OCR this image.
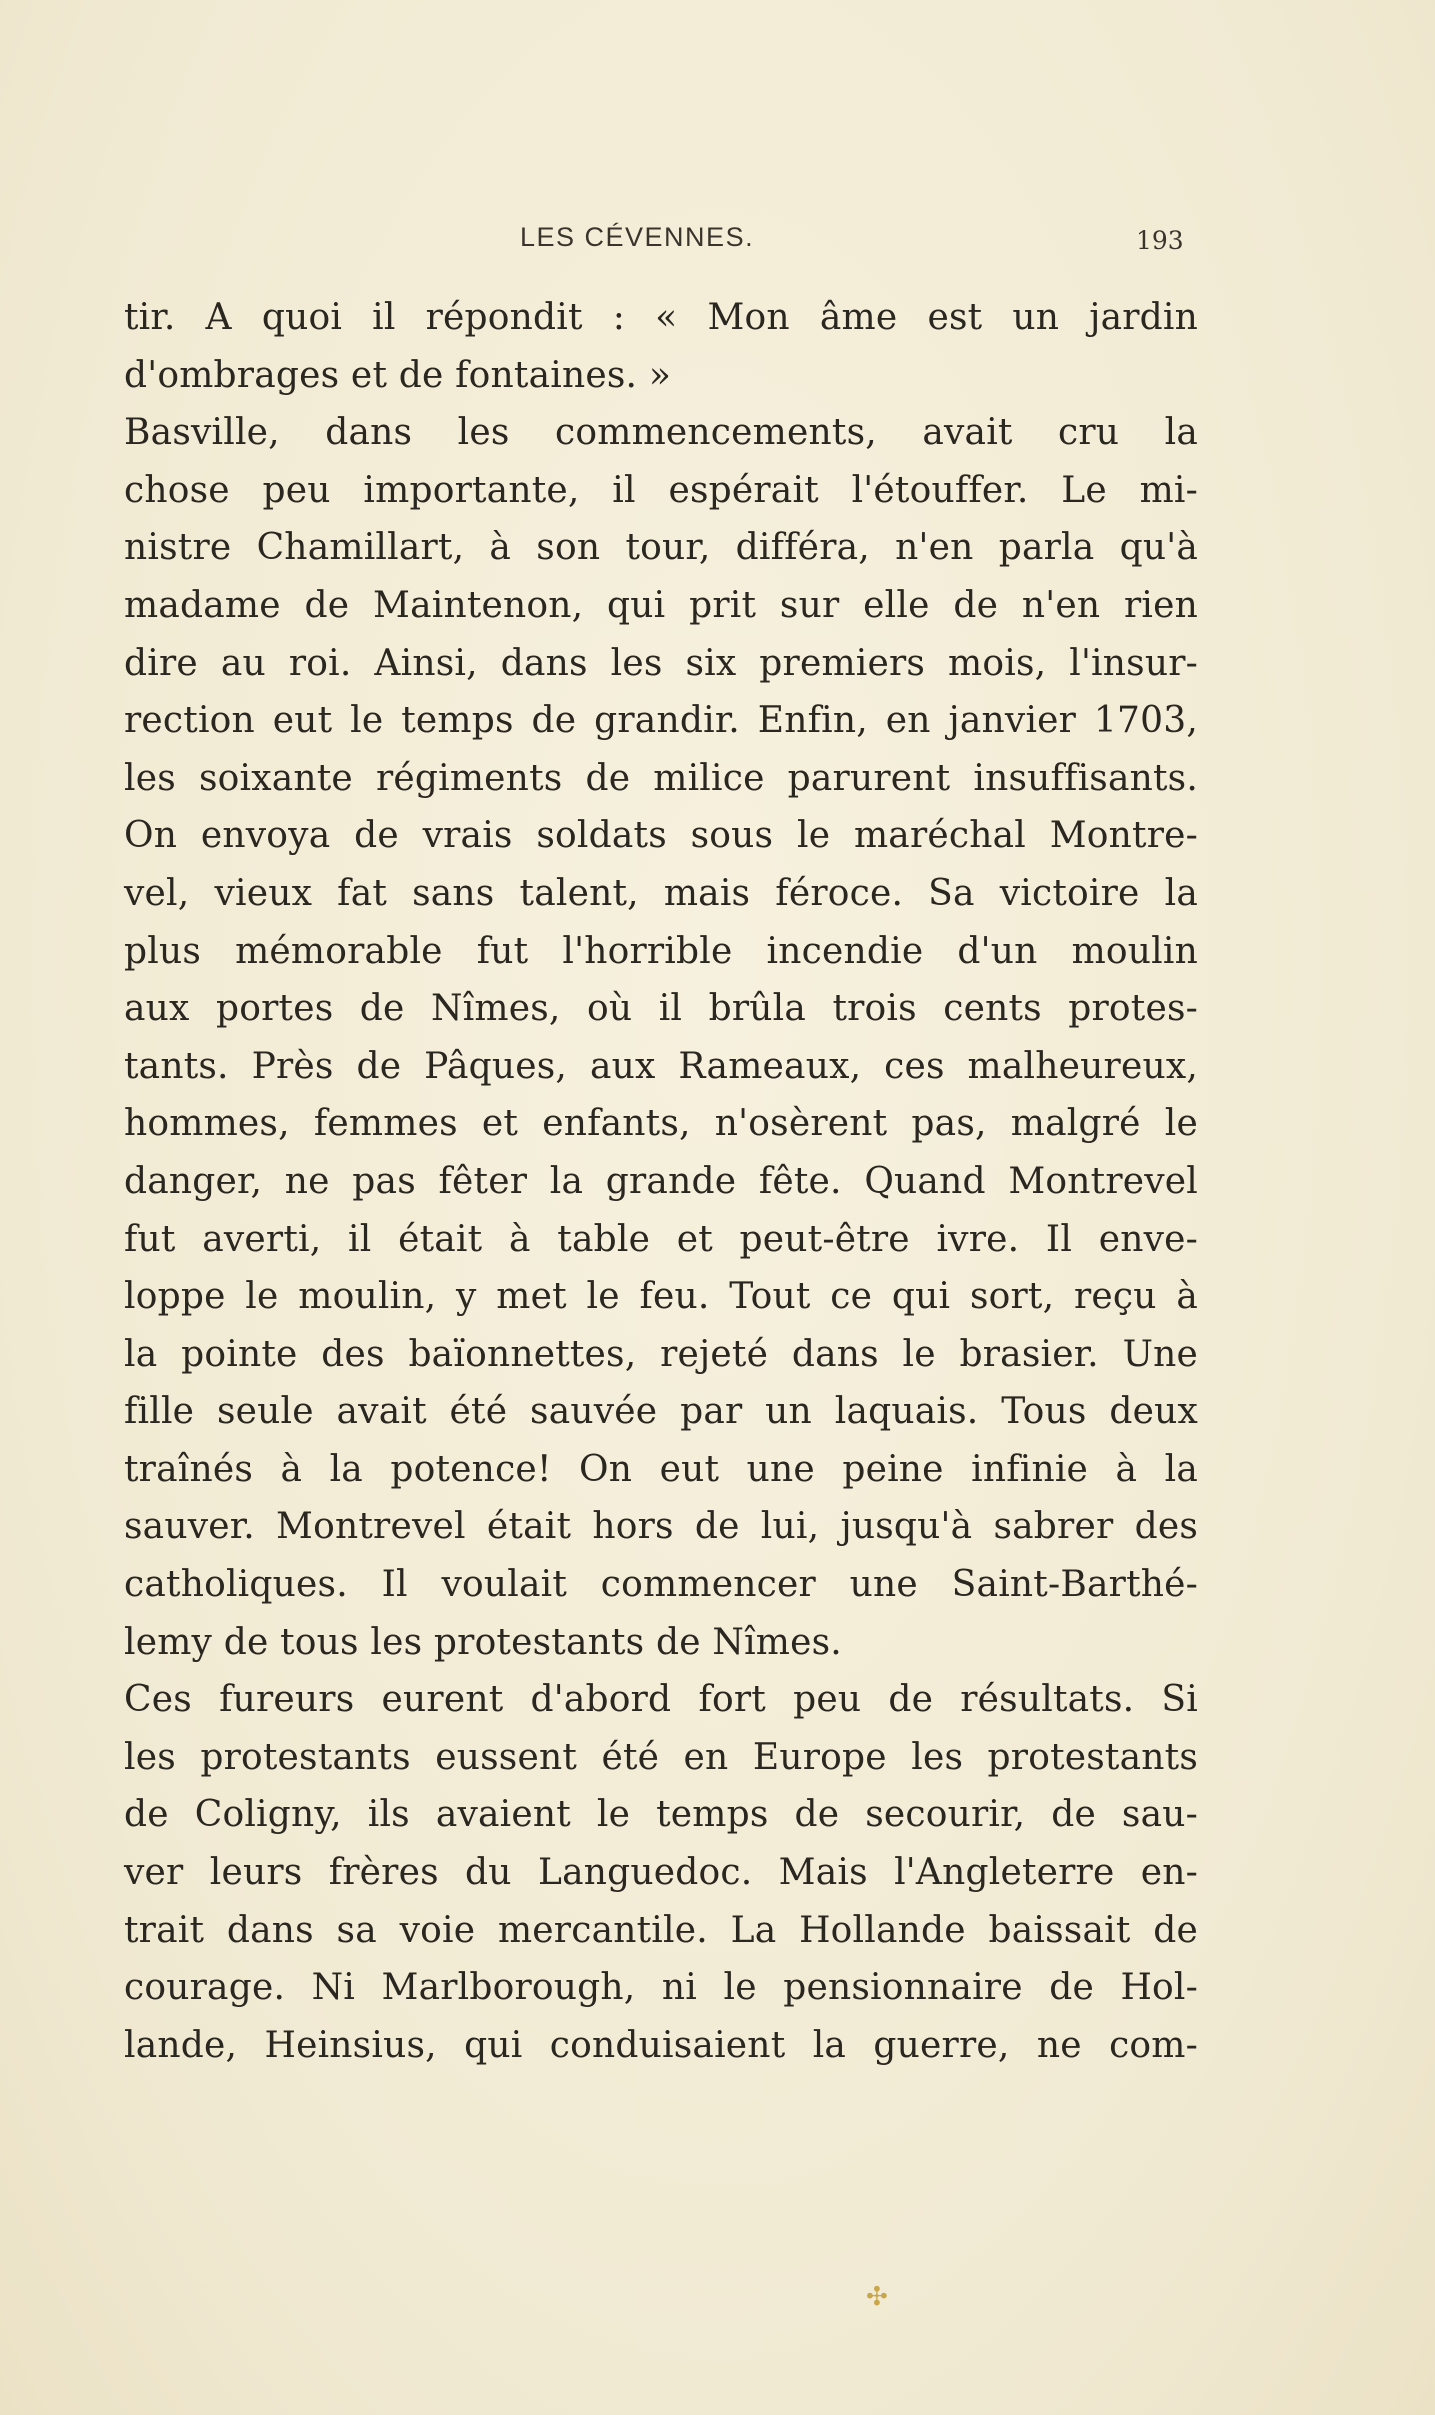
LES CÉVENNES.	193
tir. A quoi il répondit : « Mon âme est un jardin
d'ombrages et de fontaines. »
Basville, dans les commencements, avait cru la
chose peu importante, il espérait l'étouffer. Le mi-
nistre Chamillart, à son tour, différa, n'en parla qu'à
madame de Maintenon, qui prit sur elle de n'en rien
dire au roi. Ainsi, dans les six premiers mois, l'insur-
rection eut le temps de grandir. Enfin, en janvier 1703,
les soixante régiments de milice parurent insuffisants.
On envoya de vrais soldats sous le maréchal Montre-
vel, vieux fat sans talent, mais féroce. Sa victoire la
plus mémorable fut l'horrible incendie d'un moulin
aux portes de Nîmes, où il brûla trois cents protes-
tants. Près de Pâques, aux Rameaux, ces malheureux,
hommes, femmes et enfants, n'osèrent pas, malgré le
danger, ne pas fêter la grande fête. Quand Montrevel
fut averti, il était à table et peut-être ivre. Il enve-
loppe le moulin, y met le feu. Tout ce qui sort, reçu à
la pointe des baïonnettes, rejeté dans le brasier. Une
fille seule avait été sauvée par un laquais. Tous deux
traînés à la potence! On eut une peine infinie à la
sauver. Montrevel était hors de lui, jusqu'à sabrer des
catholiques. Il voulait commencer une Saint-Barthé-
lemy de tous les protestants de Nîmes.
Ces fureurs eurent d'abord fort peu de résultats. Si
les protestants eussent été en Europe les protestants
de Coligny, ils avaient le temps de secourir, de sau-
ver leurs frères du Languedoc. Mais l'Angleterre en-
trait dans sa voie mercantile. La Hollande baissait de
courage. Ni Marlborough, ni le pensionnaire de Hol-
lande, Heinsius, qui conduisaient la guerre, ne com-
✣
